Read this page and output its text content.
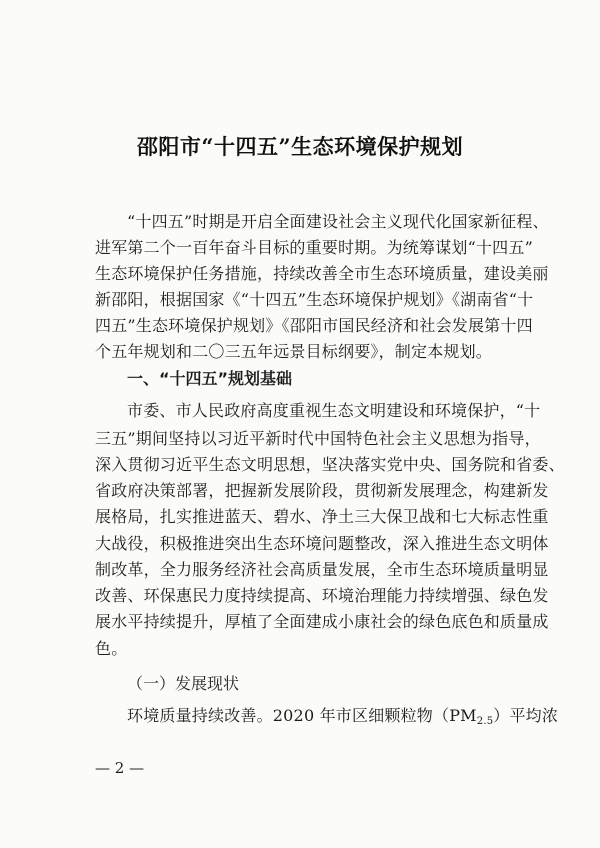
邵阳市“十四五”生态环境保护规划
“十四五”时期是开启全面建设社会主义现代化国家新征程、
进军第二个一百年奋斗目标的重要时期。为统筹谋划“十四五”
生态环境保护任务措施，持续改善全市生态环境质量，建设美丽
新邵阳，根据国家《“十四五”生态环境保护规划》《湖南省“十
四五”生态环境保护规划》《邵阳市国民经济和社会发展第十四
个五年规划和二〇三五年远景目标纲要》，制定本规划。
一、“十四五”规划基础
市委、市人民政府高度重视生态文明建设和环境保护，“十
三五”期间坚持以习近平新时代中国特色社会主义思想为指导，
深入贯彻习近平生态文明思想，坚决落实党中央、国务院和省委、
省政府决策部署，把握新发展阶段，贯彻新发展理念，构建新发
展格局，扎实推进蓝天、碧水、净土三大保卫战和七大标志性重
大战役，积极推进突出生态环境问题整改，深入推进生态文明体
制改革，全力服务经济社会高质量发展，全市生态环境质量明显
改善、环保惠民力度持续提高、环境治理能力持续增强、绿色发
展水平持续提升，厚植了全面建成小康社会的绿色底色和质量成
色。
（一）发展现状
环境质量持续改善。2020 年市区细颗粒物$(PM_{2.5})$平均浓
— 2 —
